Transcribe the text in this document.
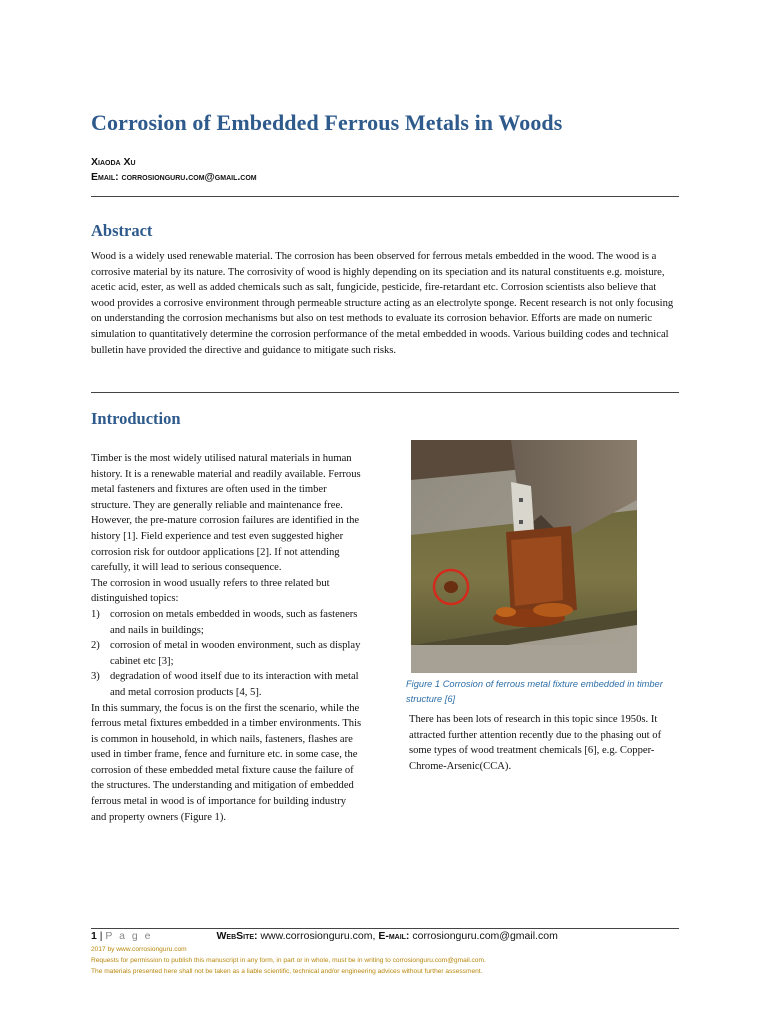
Corrosion of Embedded Ferrous Metals in Woods
Xiaoda Xu
Email: corrosionguru.com@gmail.com
Abstract

Wood is a widely used renewable material. The corrosion has been observed for ferrous metals embedded in the wood. The wood is a corrosive material by its nature. The corrosivity of wood is highly depending on its speciation and its natural constituents e.g. moisture, acetic acid, ester, as well as added chemicals such as salt, fungicide, pesticide, fire-retardant etc. Corrosion scientists also believe that wood provides a corrosive environment through permeable structure acting as an electrolyte sponge. Recent research is not only focusing on understanding the corrosion mechanisms but also on test methods to evaluate its corrosion behavior. Efforts are made on numeric simulation to quantitatively determine the corrosion performance of the metal embedded in woods. Various building codes and technical bulletin have provided the directive and guidance to mitigate such risks.

Introduction

Timber is the most widely utilised natural materials in human history. It is a renewable material and readily available. Ferrous metal fasteners and fixtures are often used in the timber structure. They are generally reliable and maintenance free. However, the pre-mature corrosion failures are identified in the history [1]. Field experience and test even suggested higher corrosion risk for outdoor applications [2]. If not attending carefully, it will lead to serious consequence.

The corrosion in wood usually refers to three related but distinguished topics:

1) corrosion on metals embedded in woods, such as fasteners and nails in buildings;
2) corrosion of metal in wooden environment, such as display cabinet etc [3];
3) degradation of wood itself due to its interaction with metal and metal corrosion products [4, 5].

In this summary, the focus is on the first the scenario, while the ferrous metal fixtures embedded in a timber environments. This is common in household, in which nails, fasteners, flashes are used in timber frame, fence and furniture etc. in some case, the corrosion of these embedded metal fixture cause the failure of the structures. The understanding and mitigation of embedded ferrous metal in wood is of importance for building industry and property owners (Figure 1).

Figure 1 Corrosion of ferrous metal fixture embedded in timber structure [6]

There has been lots of research in this topic since 1950s. It attracted further attention recently due to the phasing out of some types of wood treatment chemicals [6], e.g. Copper-Chrome-Arsenic(CCA).

1 | P a g e	WebSite: www.corrosionguru.com, E-mail: corrosionguru.com@gmail.com
2017 by www.corrosionguru.com
Requests for permission to publish this manuscript in any form, in part or in whole, must be in writing to corrosionguru.com@gmail.com.
The materials presented here shall not be taken as a liable scientific, technical and/or engineering advices without further assessment.
